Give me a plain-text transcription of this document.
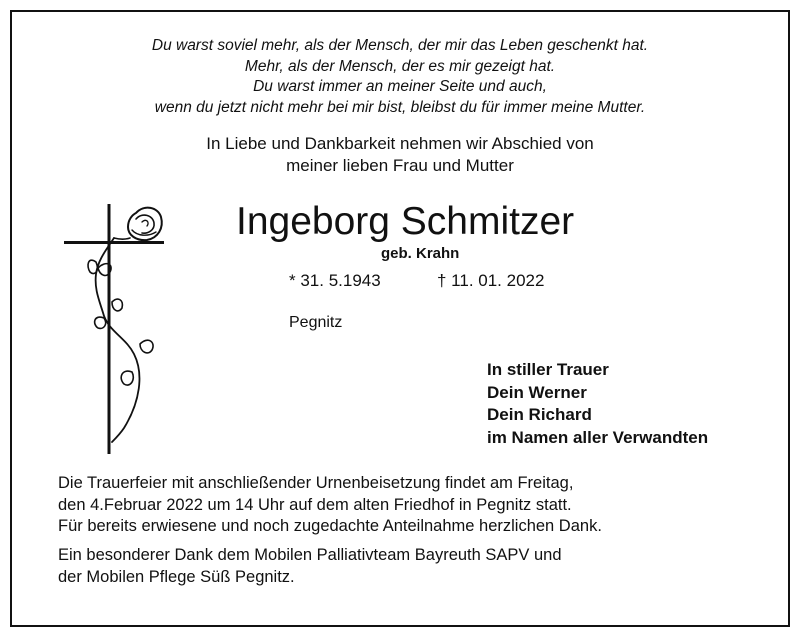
Du warst soviel mehr, als der Mensch, der mir das Leben geschenkt hat.
Mehr, als der Mensch, der es mir gezeigt hat.
Du warst immer an meiner Seite und auch,
wenn du jetzt nicht mehr bei mir bist, bleibst du für immer meine Mutter.
In Liebe und Dankbarkeit nehmen wir Abschied von
meiner lieben Frau und Mutter
Ingeborg Schmitzer
geb. Krahn
* 31. 5.1943	† 11. 01. 2022
Pegnitz
In stiller Trauer
Dein Werner
Dein Richard
im Namen aller Verwandten
Die Trauerfeier mit anschließender Urnenbeisetzung findet am Freitag,
den 4.Februar 2022 um 14 Uhr auf dem alten Friedhof in Pegnitz statt.
Für bereits erwiesene und noch zugedachte Anteilnahme herzlichen Dank.
Ein besonderer Dank dem Mobilen Palliativteam Bayreuth SAPV und
der Mobilen Pflege Süß Pegnitz.
